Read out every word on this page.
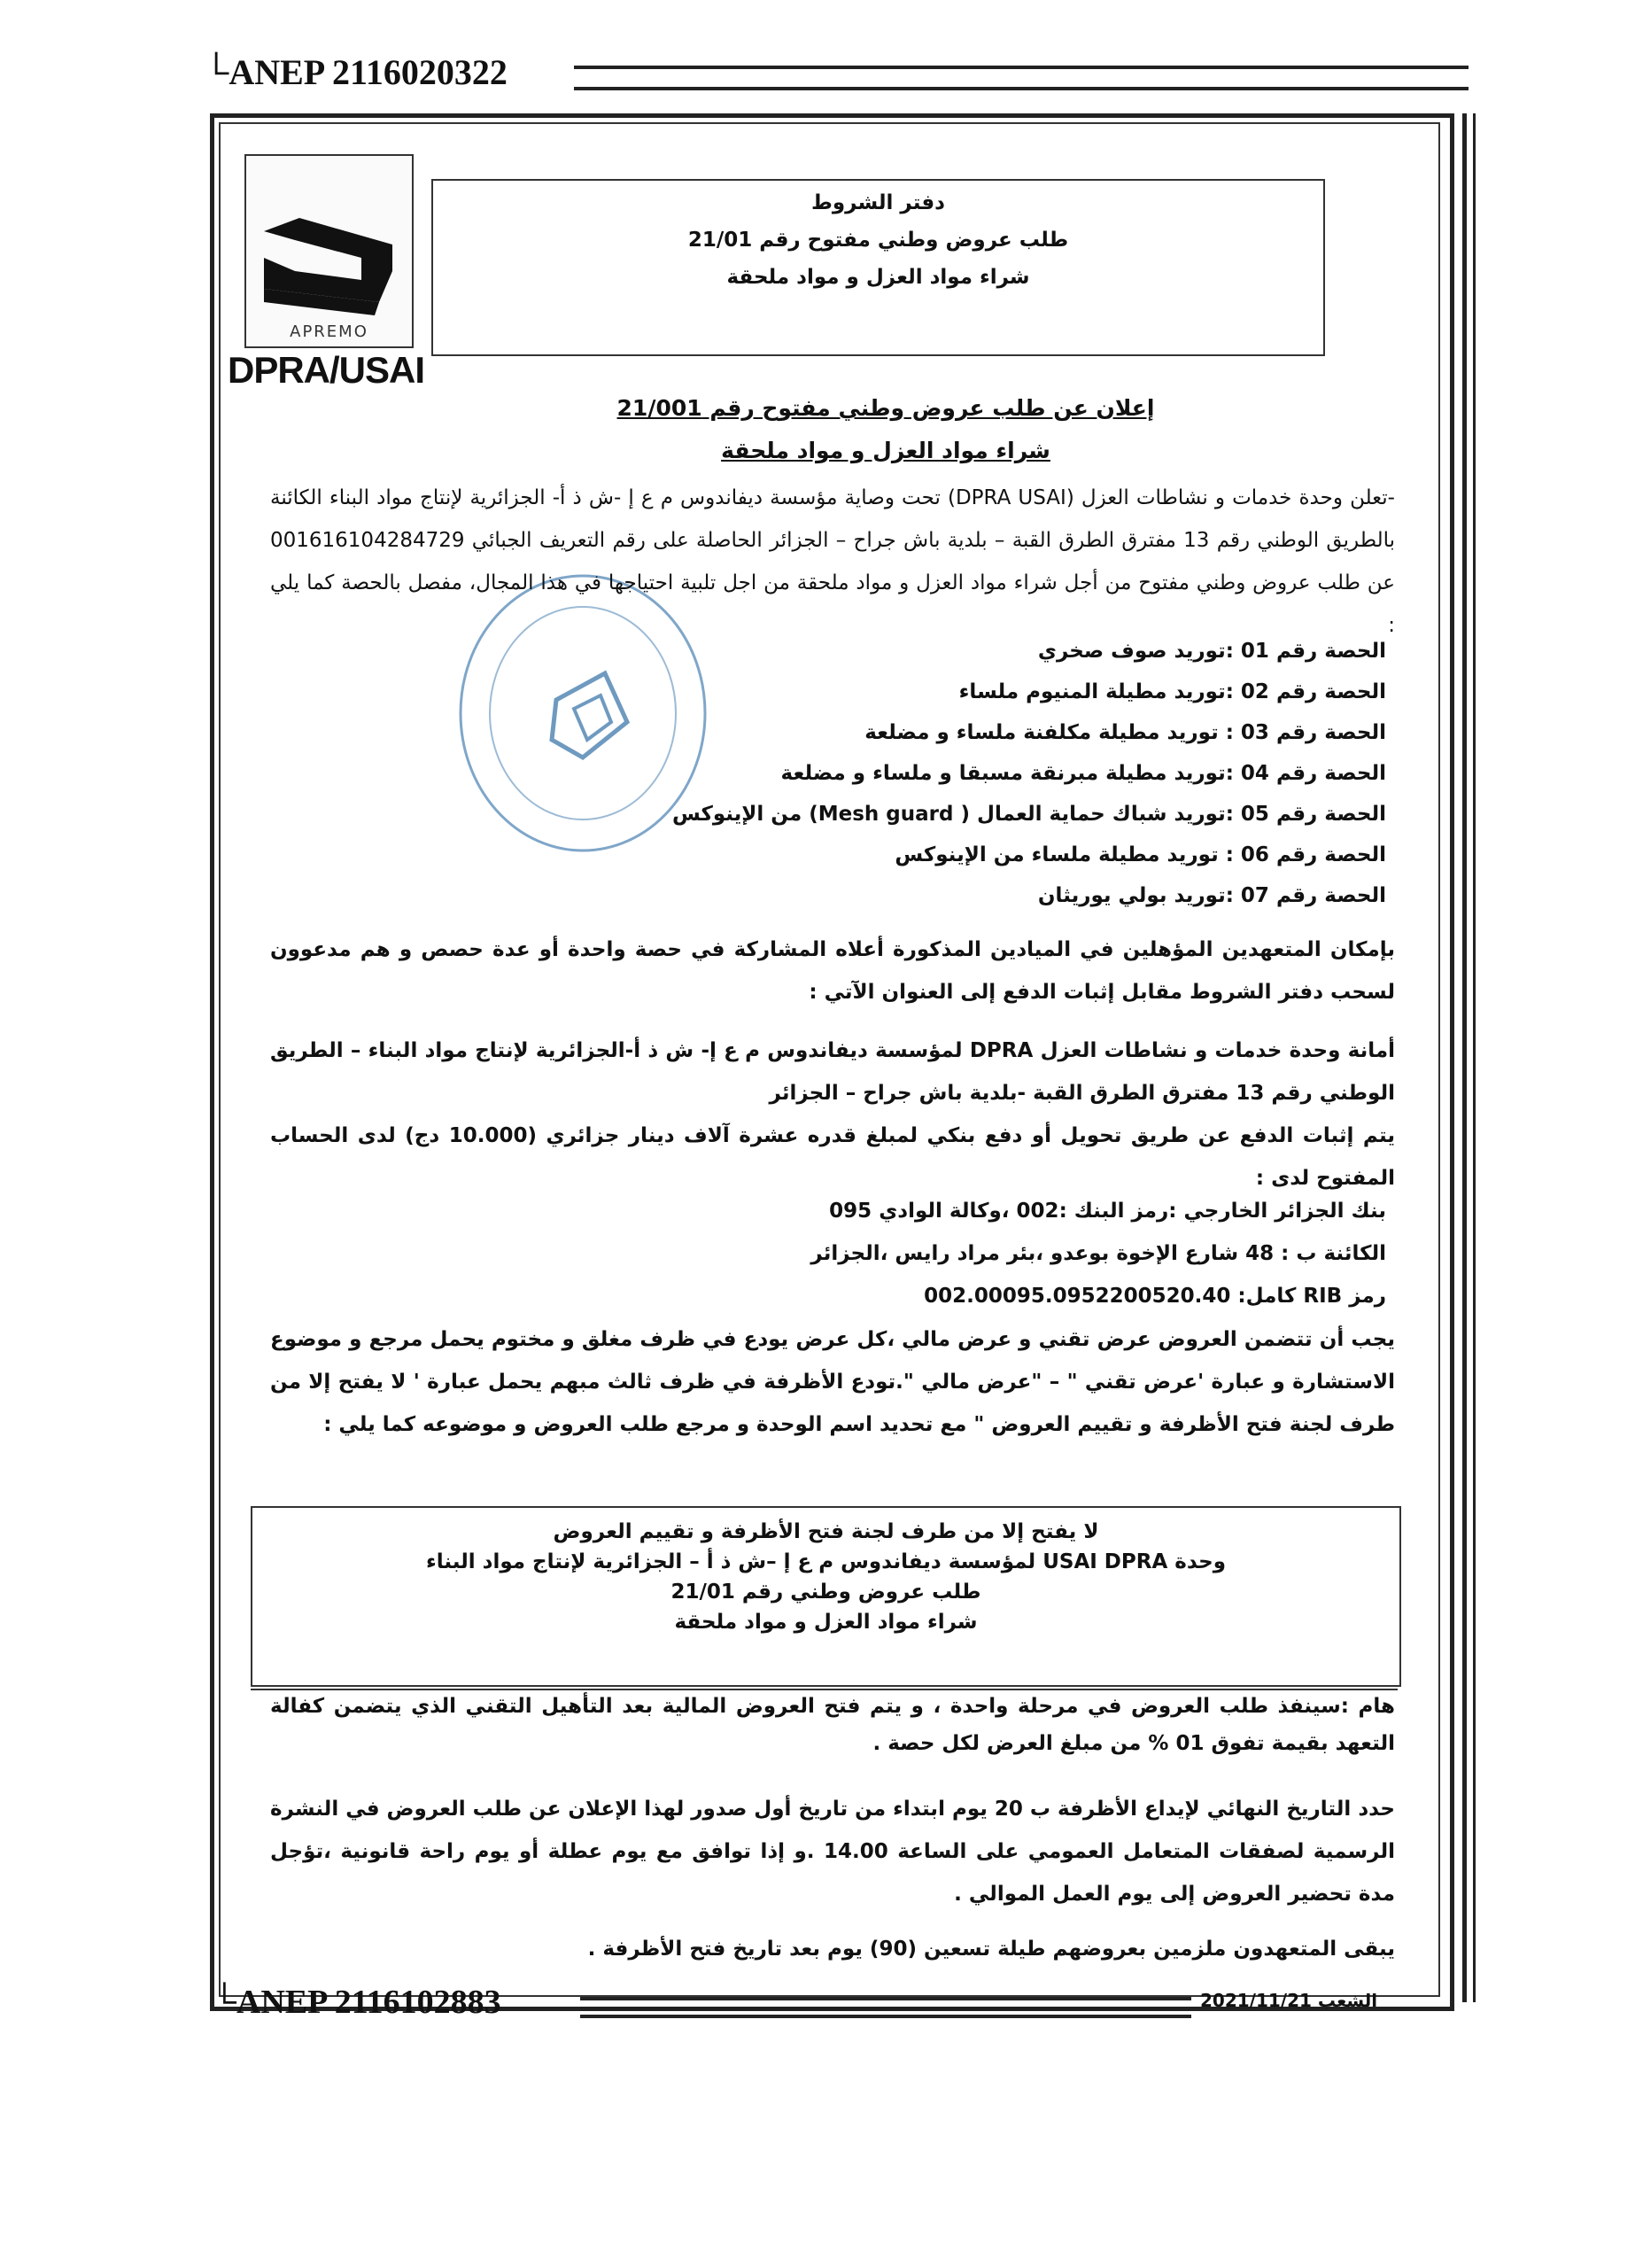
└ANEP 2116020322
APREMO
DPRA/USAI
دفتر الشروط
طلب عروض وطني مفتوح رقم 21/01
شراء مواد العزل و مواد ملحقة
إعلان عن طلب عروض وطني مفتوح رقم 21/001
شراء مواد العزل و مواد ملحقة
-تعلن وحدة خدمات و نشاطات العزل (DPRA USAI) تحت وصاية مؤسسة ديفاندوس م ع إ -ش ذ أ- الجزائرية لإنتاج مواد البناء الكائنة بالطريق الوطني رقم 13 مفترق الطرق القبة – بلدية باش جراح – الجزائر الحاصلة على رقم التعريف الجبائي 001616104284729 عن طلب عروض وطني مفتوح من أجل شراء مواد العزل و مواد ملحقة من اجل تلبية احتياجها في هذا المجال، مفصل بالحصة كما يلي :
الحصة رقم 01 :توريد صوف صخري
الحصة رقم 02 :توريد مطيلة المنيوم ملساء
الحصة رقم 03 : توريد مطيلة مكلفنة ملساء و مضلعة
الحصة رقم 04 :توريد مطيلة مبرنقة مسبقا و ملساء و مضلعة
الحصة رقم 05 :توريد شباك حماية العمال ( Mesh guard) من الإينوكس
الحصة رقم 06 : توريد مطيلة ملساء من الإينوكس
الحصة رقم 07 :توريد بولي يوريثان
بإمكان المتعهدين المؤهلين في الميادين المذكورة أعلاه المشاركة في حصة واحدة أو عدة حصص و هم مدعوون لسحب دفتر الشروط مقابل إثبات الدفع إلى العنوان الآتي :
أمانة وحدة خدمات و نشاطات العزل DPRA لمؤسسة ديفاندوس م ع إ- ش ذ أ-الجزائرية لإنتاج مواد البناء – الطريق الوطني رقم 13 مفترق الطرق القبة -بلدية باش جراح – الجزائر
يتم إثبات الدفع عن طريق تحويل أو دفع بنكي لمبلغ قدره عشرة آلاف دينار جزائري (10.000 دج) لدى الحساب المفتوح لدى :
بنك الجزائر الخارجي :رمز البنك :002 ،وكالة الوادي 095
الكائنة ب : 48 شارع الإخوة بوعدو ،بئر مراد رايس ،الجزائر
رمز RIB كامل: 002.00095.0952200520.40
يجب أن تتضمن العروض عرض تقني و عرض مالي ،كل عرض يودع في ظرف مغلق و مختوم يحمل مرجع و موضوع الاستشارة و عبارة 'عرض تقني " – "عرض مالي ".تودع الأظرفة في ظرف ثالث مبهم يحمل عبارة ' لا يفتح إلا من طرف لجنة فتح الأظرفة و تقييم العروض " مع تحديد اسم الوحدة و مرجع طلب العروض و موضوعه كما يلي :
لا يفتح إلا من طرف لجنة فتح الأظرفة و تقييم العروض
وحدة USAI DPRA لمؤسسة ديفاندوس م ع إ –ش ذ أ – الجزائرية لإنتاج مواد البناء
طلب عروض وطني رقم 21/01
شراء مواد العزل و مواد ملحقة
هام :سينفذ طلب العروض في مرحلة واحدة ، و يتم فتح العروض المالية بعد التأهيل التقني الذي يتضمن كفالة التعهد بقيمة تفوق 01 % من مبلغ العرض لكل حصة .
حدد التاريخ النهائي لإيداع الأظرفة ب 20 يوم ابتداء من تاريخ أول صدور لهذا الإعلان عن طلب العروض في النشرة الرسمية لصفقات المتعامل العمومي على الساعة 14.00 .و إذا توافق مع يوم عطلة أو يوم راحة قانونية ،تؤجل مدة تحضير العروض إلى يوم العمل الموالي .
يبقى المتعهدون ملزمين بعروضهم طيلة تسعين (90) يوم بعد تاريخ فتح الأظرفة .
└ANEP 2116102883	الشعب 2021/11/21
